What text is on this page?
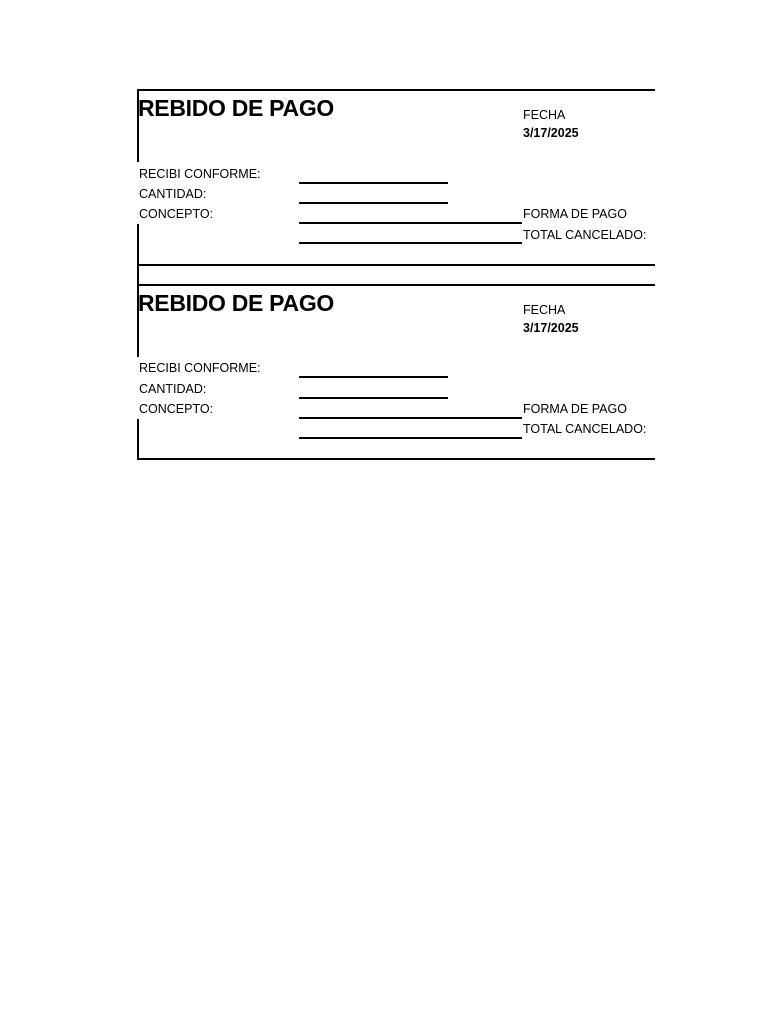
REBIDO DE PAGO	FECHA
3/17/2025
RECIBI CONFORME:
CANTIDAD:
CONCEPTO:	FORMA DE PAGO
TOTAL CANCELADO:
REBIDO DE PAGO	FECHA
3/17/2025
RECIBI CONFORME:
CANTIDAD:
CONCEPTO:	FORMA DE PAGO
TOTAL CANCELADO:
